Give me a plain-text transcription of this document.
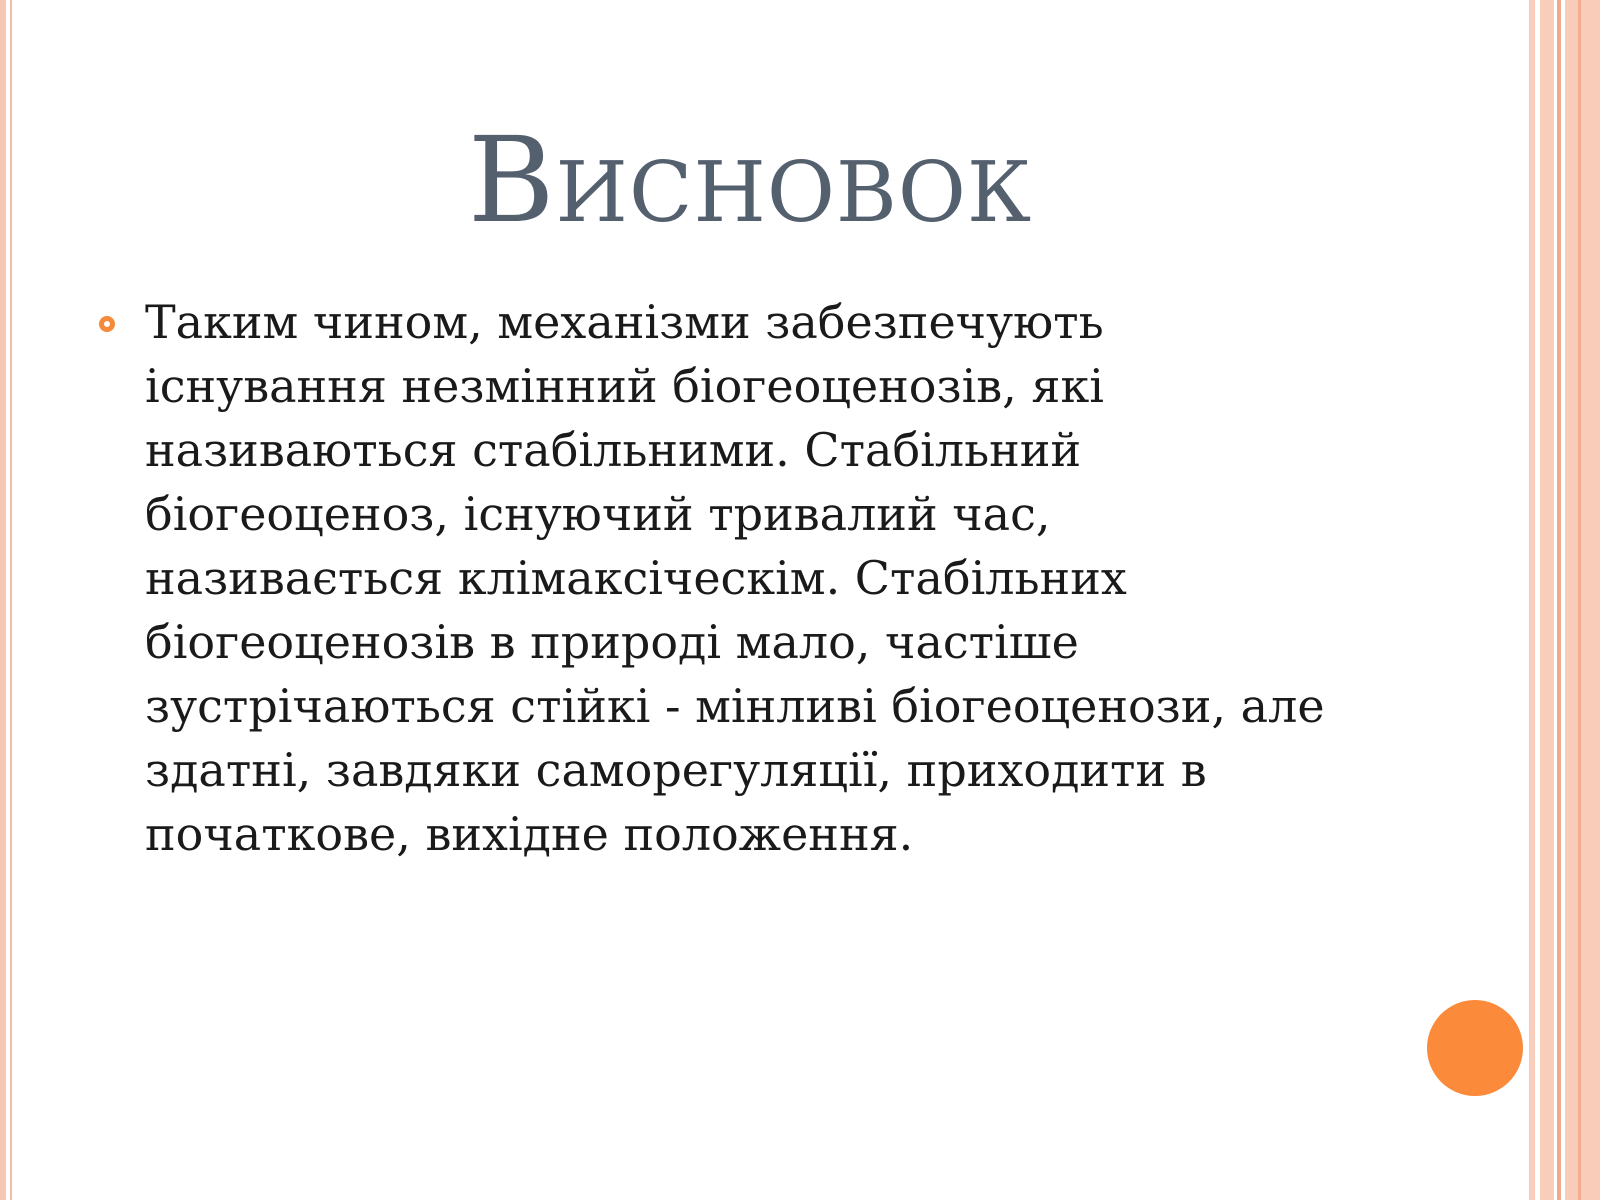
Висновок
Таким чином, механізми забезпечують
існування незмінний біогеоценозів, які
називаються стабільними. Стабільний
біогеоценоз, існуючий тривалий час,
називається клімаксіческім. Стабільних
біогеоценозів в природі мало, частіше
зустрічаються стійкі - мінливі біогеоценози, але
здатні, завдяки саморегуляції, приходити в
початкове, вихідне положення.
